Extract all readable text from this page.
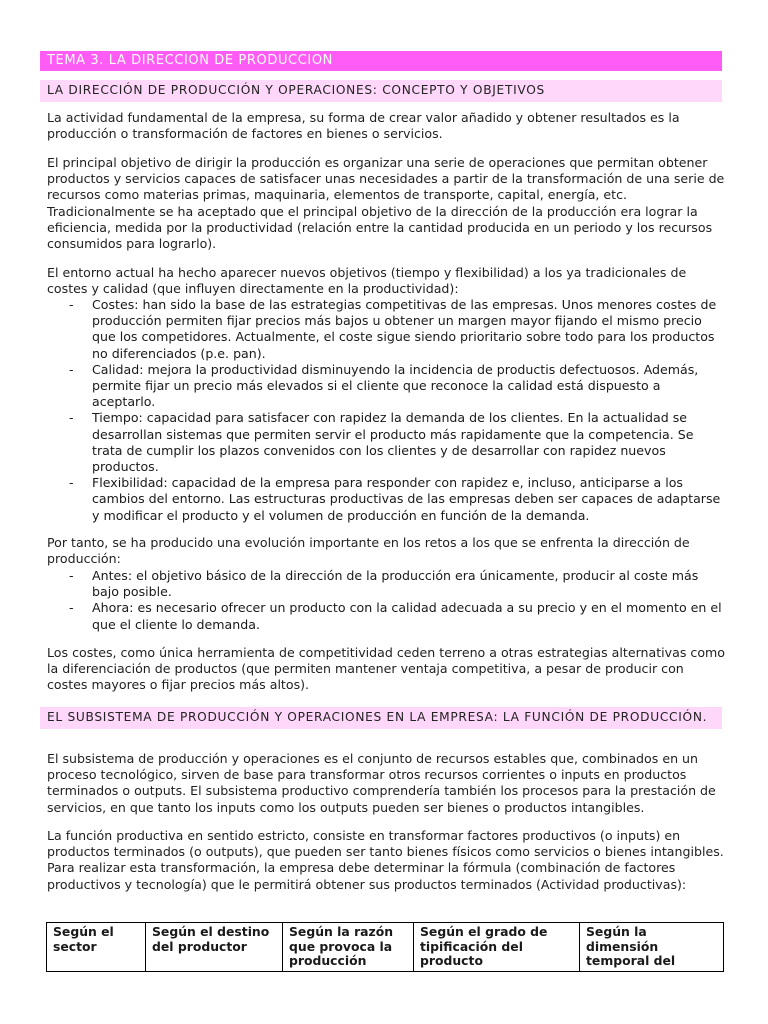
TEMA 3. LA DIRECCION DE PRODUCCION
LA DIRECCIÓN DE PRODUCCIÓN Y OPERACIONES: CONCEPTO Y OBJETIVOS
La actividad fundamental de la empresa, su forma de crear valor añadido y obtener resultados es la producción o transformación de factores en bienes o servicios.
El principal objetivo de dirigir la producción es organizar una serie de operaciones que permitan obtener productos y servicios capaces de satisfacer unas necesidades a partir de la transformación de una serie de recursos como materias primas, maquinaria, elementos de transporte, capital, energía, etc. Tradicionalmente se ha aceptado que el principal objetivo de la dirección de la producción era lograr la eficiencia, medida por la productividad (relación entre la cantidad producida en un periodo y los recursos consumidos para lograrlo).
El entorno actual ha hecho aparecer nuevos objetivos (tiempo y flexibilidad) a los ya tradicionales de costes y calidad (que influyen directamente en la productividad):
- Costes: han sido la base de las estrategias competitivas de las empresas. Unos menores costes de producción permiten fijar precios más bajos u obtener un margen mayor fijando el mismo precio que los competidores. Actualmente, el coste sigue siendo prioritario sobre todo para los productos no diferenciados (p.e. pan).
- Calidad: mejora la productividad disminuyendo la incidencia de productis defectuosos. Además, permite fijar un precio más elevados si el cliente que reconoce la calidad está dispuesto a aceptarlo.
- Tiempo: capacidad para satisfacer con rapidez la demanda de los clientes. En la actualidad se desarrollan sistemas que permiten servir el producto más rapidamente que la competencia. Se trata de cumplir los plazos convenidos con los clientes y de desarrollar con rapidez nuevos productos.
- Flexibilidad: capacidad de la empresa para responder con rapidez e, incluso, anticiparse a los cambios del entorno. Las estructuras productivas de las empresas deben ser capaces de adaptarse y modificar el producto y el volumen de producción en función de la demanda.
Por tanto, se ha producido una evolución importante en los retos a los que se enfrenta la dirección de producción:
- Antes: el objetivo básico de la dirección de la producción era únicamente, producir al coste más bajo posible.
- Ahora: es necesario ofrecer un producto con la calidad adecuada a su precio y en el momento en el que el cliente lo demanda.
Los costes, como única herramienta de competitividad ceden terreno a otras estrategias alternativas como la diferenciación de productos (que permiten mantener ventaja competitiva, a pesar de producir con costes mayores o fijar precios más altos).
EL SUBSISTEMA DE PRODUCCIÓN Y OPERACIONES EN LA EMPRESA: LA FUNCIÓN DE PRODUCCIÓN.
El subsistema de producción y operaciones es el conjunto de recursos estables que, combinados en un proceso tecnológico, sirven de base para transformar otros recursos corrientes o inputs en productos terminados o outputs. El subsistema productivo comprendería también los procesos para la prestación de servicios, en que tanto los inputs como los outputs pueden ser bienes o productos intangibles.
La función productiva en sentido estricto, consiste en transformar factores productivos (o inputs) en productos terminados (o outputs), que pueden ser tanto bienes físicos como servicios o bienes intangibles. Para realizar esta transformación, la empresa debe determinar la fórmula (combinación de factores productivos y tecnología) que le permitirá obtener sus productos terminados (Actividad productivas):
Según el sector	Según el destino del productor	Según la razón que provoca la producción	Según el grado de tipificación del producto	Según la dimensión temporal del
